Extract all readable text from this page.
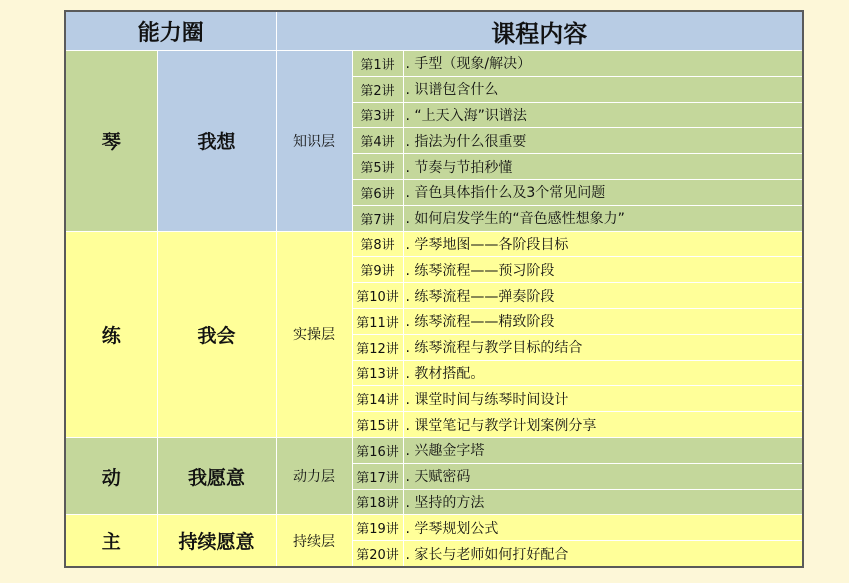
能力圈		课程内容		
琴	我想	知识层	第1讲	. 手型（现象/解决）
			第2讲	. 识谱包含什么
			第3讲	. “上天入海”识谱法
			第4讲	. 指法为什么很重要
			第5讲	. 节奏与节拍秒懂
			第6讲	. 音色具体指什么及3个常见问题
			第7讲	. 如何启发学生的“音色感性想象力”
练	我会	实操层	第8讲	. 学琴地图——各阶段目标
			第9讲	. 练琴流程——预习阶段
			第10讲	. 练琴流程——弹奏阶段
			第11讲	. 练琴流程——精致阶段
			第12讲	. 练琴流程与教学目标的结合
			第13讲	. 教材搭配。
			第14讲	. 课堂时间与练琴时间设计
			第15讲	. 课堂笔记与教学计划案例分享
动	我愿意	动力层	第16讲	. 兴趣金字塔
			第17讲	. 天赋密码
			第18讲	. 坚持的方法
主	持续愿意	持续层	第19讲	. 学琴规划公式
			第20讲	. 家长与老师如何打好配合
